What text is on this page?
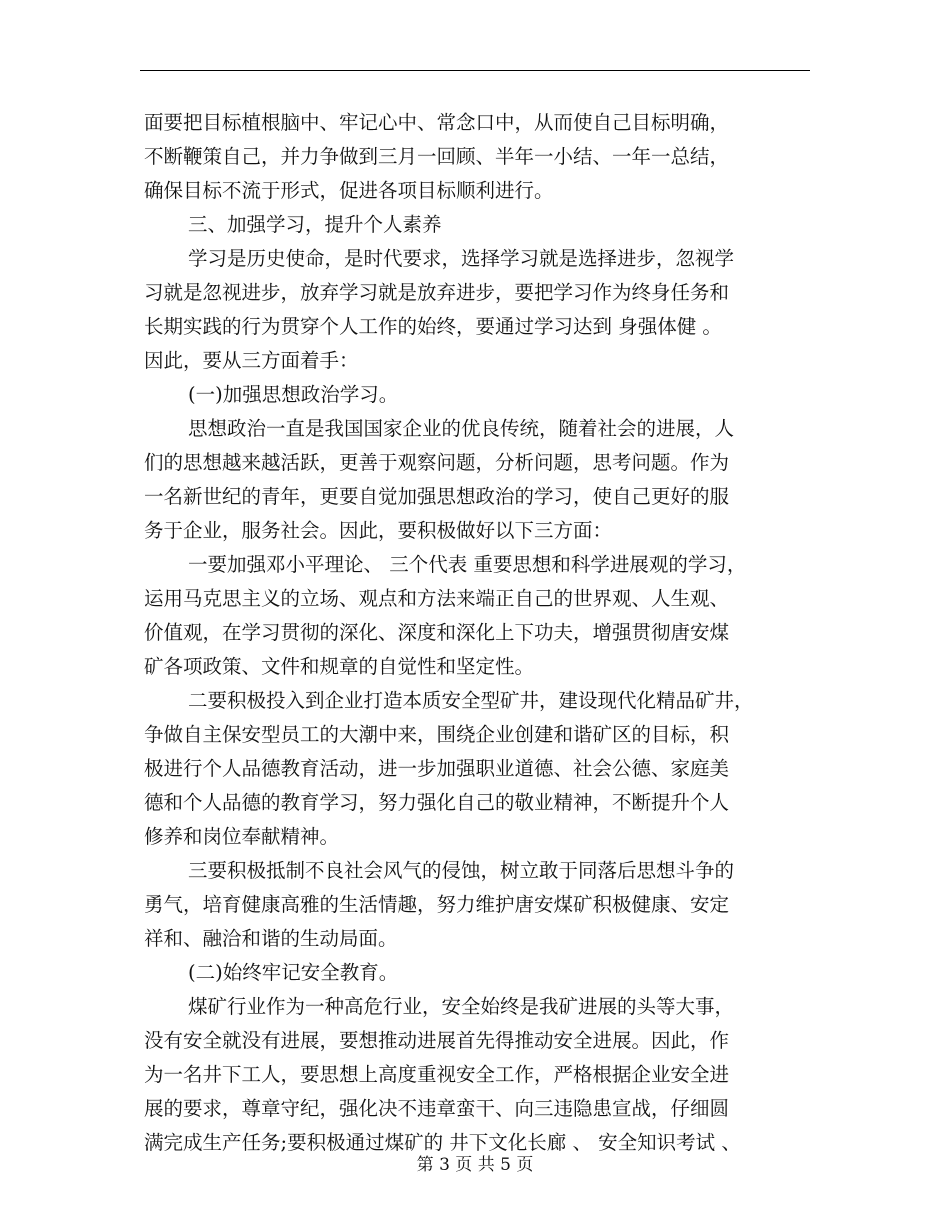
面要把目标植根脑中、牢记心中、常念口中，从而使自己目标明确，

不断鞭策自己，并力争做到三月一回顾、半年一小结、一年一总结，

确保目标不流于形式，促进各项目标顺利进行。

三、加强学习，提升个人素养

学习是历史使命，是时代要求，选择学习就是选择进步，忽视学

习就是忽视进步，放弃学习就是放弃进步，要把学习作为终身任务和

长期实践的行为贯穿个人工作的始终，要通过学习达到 身强体健 。

因此，要从三方面着手：

(一)加强思想政治学习。

思想政治一直是我国国家企业的优良传统，随着社会的进展，人

们的思想越来越活跃，更善于观察问题，分析问题，思考问题。作为

一名新世纪的青年，更要自觉加强思想政治的学习，使自己更好的服

务于企业，服务社会。因此，要积极做好以下三方面：

一要加强邓小平理论、 三个代表 重要思想和科学进展观的学习，

运用马克思主义的立场、观点和方法来端正自己的世界观、人生观、

价值观，在学习贯彻的深化、深度和深化上下功夫，增强贯彻唐安煤

矿各项政策、文件和规章的自觉性和坚定性。

二要积极投入到企业打造本质安全型矿井，建设现代化精品矿井，

争做自主保安型员工的大潮中来，围绕企业创建和谐矿区的目标，积

极进行个人品德教育活动，进一步加强职业道德、社会公德、家庭美

德和个人品德的教育学习，努力强化自己的敬业精神，不断提升个人

修养和岗位奉献精神。

三要积极抵制不良社会风气的侵蚀，树立敢于同落后思想斗争的

勇气，培育健康高雅的生活情趣，努力维护唐安煤矿积极健康、安定

祥和、融洽和谐的生动局面。

(二)始终牢记安全教育。

煤矿行业作为一种高危行业，安全始终是我矿进展的头等大事，

没有安全就没有进展，要想推动进展首先得推动安全进展。因此，作

为一名井下工人，要思想上高度重视安全工作，严格根据企业安全进

展的要求，尊章守纪，强化决不违章蛮干、向三违隐患宣战，仔细圆

满完成生产任务;要积极通过煤矿的 井下文化长廊 、 安全知识考试 、

第 3 页 共 5 页
